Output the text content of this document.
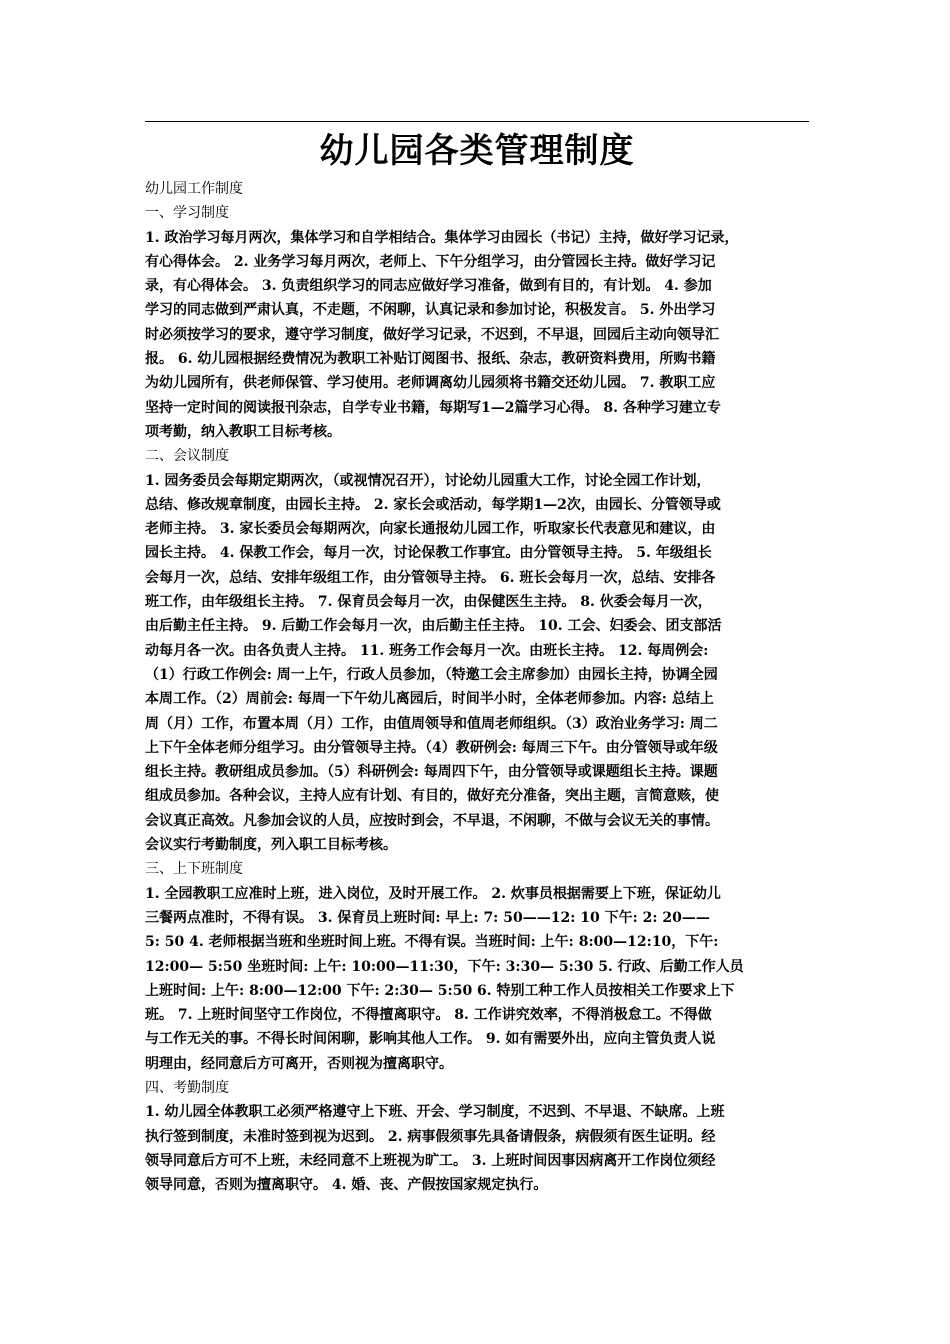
幼儿园各类管理制度
幼儿园工作制度
一、学习制度
1. 政治学习每月两次，集体学习和自学相结合。集体学习由园长（书记）主持，做好学习记录，
有心得体会。 2. 业务学习每月两次，老师上、下午分组学习，由分管园长主持。做好学习记
录，有心得体会。 3. 负责组织学习的同志应做好学习准备，做到有目的，有计划。 4. 参加
学习的同志做到严肃认真，不走题，不闲聊，认真记录和参加讨论，积极发言。 5. 外出学习
时必须按学习的要求，遵守学习制度，做好学习记录，不迟到，不早退，回园后主动向领导汇
报。 6. 幼儿园根据经费情况为教职工补贴订阅图书、报纸、杂志，教研资料费用，所购书籍
为幼儿园所有，供老师保管、学习使用。老师调离幼儿园须将书籍交还幼儿园。 7. 教职工应
坚持一定时间的阅读报刊杂志，自学专业书籍，每期写1—2篇学习心得。 8. 各种学习建立专
项考勤，纳入教职工目标考核。
二、会议制度
1. 园务委员会每期定期两次，（或视情况召开），讨论幼儿园重大工作，讨论全园工作计划，
总结、修改规章制度，由园长主持。 2. 家长会或活动，每学期1—2次，由园长、分管领导或
老师主持。 3. 家长委员会每期两次，向家长通报幼儿园工作，听取家长代表意见和建议，由
园长主持。 4. 保教工作会，每月一次，讨论保教工作事宜。由分管领导主持。 5. 年级组长
会每月一次，总结、安排年级组工作，由分管领导主持。 6. 班长会每月一次，总结、安排各
班工作，由年级组长主持。 7. 保育员会每月一次，由保健医生主持。 8. 伙委会每月一次，
由后勤主任主持。 9. 后勤工作会每月一次，由后勤主任主持。 10. 工会、妇委会、团支部活
动每月各一次。由各负责人主持。 11. 班务工作会每月一次。由班长主持。 12. 每周例会:
（1）行政工作例会: 周一上午，行政人员参加，（特邀工会主席参加）由园长主持，协调全园
本周工作。（2）周前会: 每周一下午幼儿离园后，时间半小时，全体老师参加。内容: 总结上
周（月）工作，布置本周（月）工作，由值周领导和值周老师组织。（3）政治业务学习: 周二
上下午全体老师分组学习。由分管领导主持。（4）教研例会: 每周三下午。由分管领导或年级
组长主持。教研组成员参加。（5）科研例会: 每周四下午，由分管领导或课题组长主持。课题
组成员参加。各种会议，主持人应有计划、有目的，做好充分准备，突出主题，言简意赅，使
会议真正高效。凡参加会议的人员，应按时到会，不早退，不闲聊，不做与会议无关的事情。
会议实行考勤制度，列入职工目标考核。
三、上下班制度
1. 全园教职工应准时上班，进入岗位，及时开展工作。 2. 炊事员根据需要上下班，保证幼儿
三餐两点准时，不得有误。 3. 保育员上班时间: 早上: 7: 50——12: 10 下午: 2: 20——
5: 50 4. 老师根据当班和坐班时间上班。不得有误。当班时间: 上午: 8:00—12:10，下午:
12:00— 5:50 坐班时间: 上午: 10:00—11:30，下午: 3:30— 5:30 5. 行政、后勤工作人员
上班时间: 上午: 8:00—12:00 下午: 2:30— 5:50 6. 特别工种工作人员按相关工作要求上下
班。 7. 上班时间坚守工作岗位，不得擅离职守。 8. 工作讲究效率，不得消极怠工。不得做
与工作无关的事。不得长时间闲聊，影响其他人工作。 9. 如有需要外出，应向主管负责人说
明理由，经同意后方可离开，否则视为擅离职守。
四、考勤制度
1. 幼儿园全体教职工必须严格遵守上下班、开会、学习制度，不迟到、不早退、不缺席。上班
执行签到制度，未准时签到视为迟到。 2. 病事假须事先具备请假条，病假须有医生证明。经
领导同意后方可不上班，未经同意不上班视为旷工。 3. 上班时间因事因病离开工作岗位须经
领导同意，否则为擅离职守。 4. 婚、丧、产假按国家规定执行。
